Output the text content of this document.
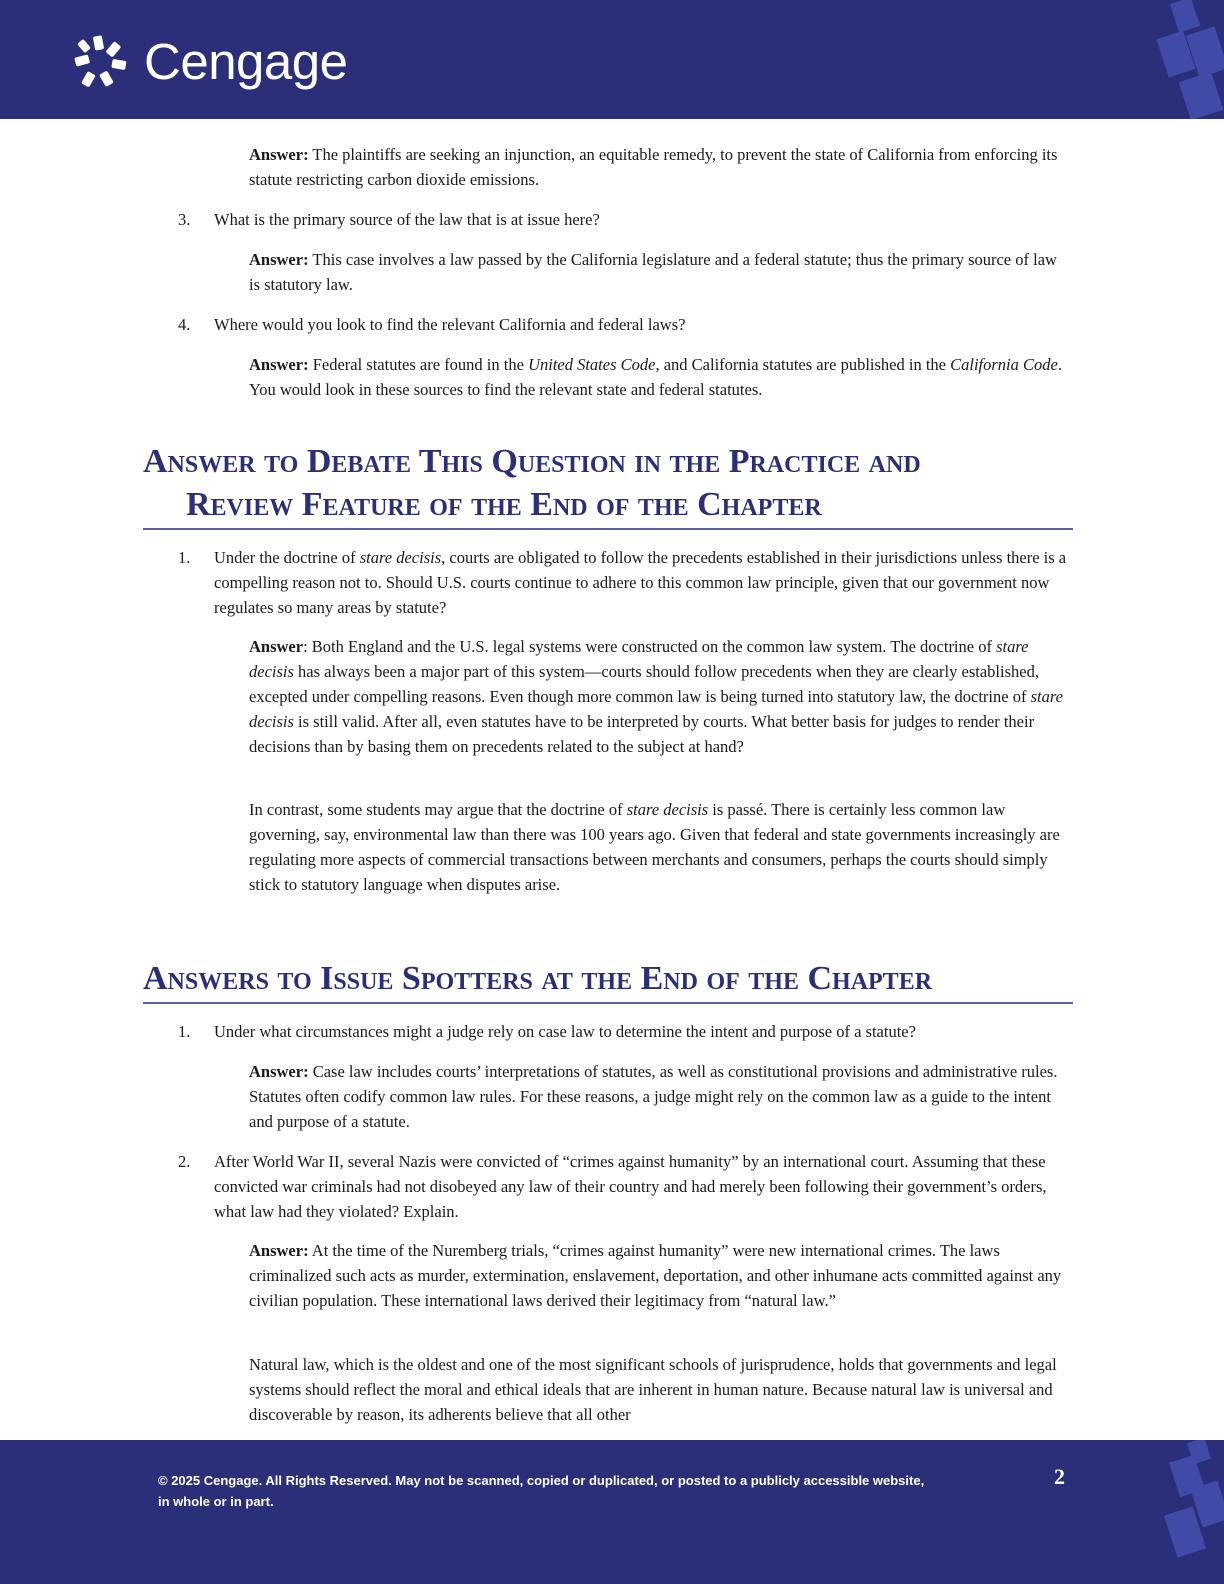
Cengage
Answer: The plaintiffs are seeking an injunction, an equitable remedy, to prevent the state of California from enforcing its statute restricting carbon dioxide emissions.
3. What is the primary source of the law that is at issue here?
Answer: This case involves a law passed by the California legislature and a federal statute; thus the primary source of law is statutory law.
4. Where would you look to find the relevant California and federal laws?
Answer: Federal statutes are found in the United States Code, and California statutes are published in the California Code. You would look in these sources to find the relevant state and federal statutes.
Answer to Debate This Question in the Practice and
Review Feature of the End of the Chapter
1. Under the doctrine of stare decisis, courts are obligated to follow the precedents established in their jurisdictions unless there is a compelling reason not to. Should U.S. courts continue to adhere to this common law principle, given that our government now regulates so many areas by statute?
Answer: Both England and the U.S. legal systems were constructed on the common law system. The doctrine of stare decisis has always been a major part of this system—courts should follow precedents when they are clearly established, excepted under compelling reasons. Even though more common law is being turned into statutory law, the doctrine of stare decisis is still valid. After all, even statutes have to be interpreted by courts. What better basis for judges to render their decisions than by basing them on precedents related to the subject at hand?
In contrast, some students may argue that the doctrine of stare decisis is passé. There is certainly less common law governing, say, environmental law than there was 100 years ago. Given that federal and state governments increasingly are regulating more aspects of commercial transactions between merchants and consumers, perhaps the courts should simply stick to statutory language when disputes arise.
Answers to Issue Spotters at the End of the Chapter
1. Under what circumstances might a judge rely on case law to determine the intent and purpose of a statute?
Answer: Case law includes courts’ interpretations of statutes, as well as constitutional provisions and administrative rules. Statutes often codify common law rules. For these reasons, a judge might rely on the common law as a guide to the intent and purpose of a statute.
2. After World War II, several Nazis were convicted of “crimes against humanity” by an international court. Assuming that these convicted war criminals had not disobeyed any law of their country and had merely been following their government’s orders, what law had they violated? Explain.
Answer: At the time of the Nuremberg trials, “crimes against humanity” were new international crimes. The laws criminalized such acts as murder, extermination, enslavement, deportation, and other inhumane acts committed against any civilian population. These international laws derived their legitimacy from “natural law.”
Natural law, which is the oldest and one of the most significant schools of jurisprudence, holds that governments and legal systems should reflect the moral and ethical ideals that are inherent in human nature. Because natural law is universal and discoverable by reason, its adherents believe that all other
© 2025 Cengage. All Rights Reserved. May not be scanned, copied or duplicated, or posted to a publicly accessible website, in whole or in part.
2
